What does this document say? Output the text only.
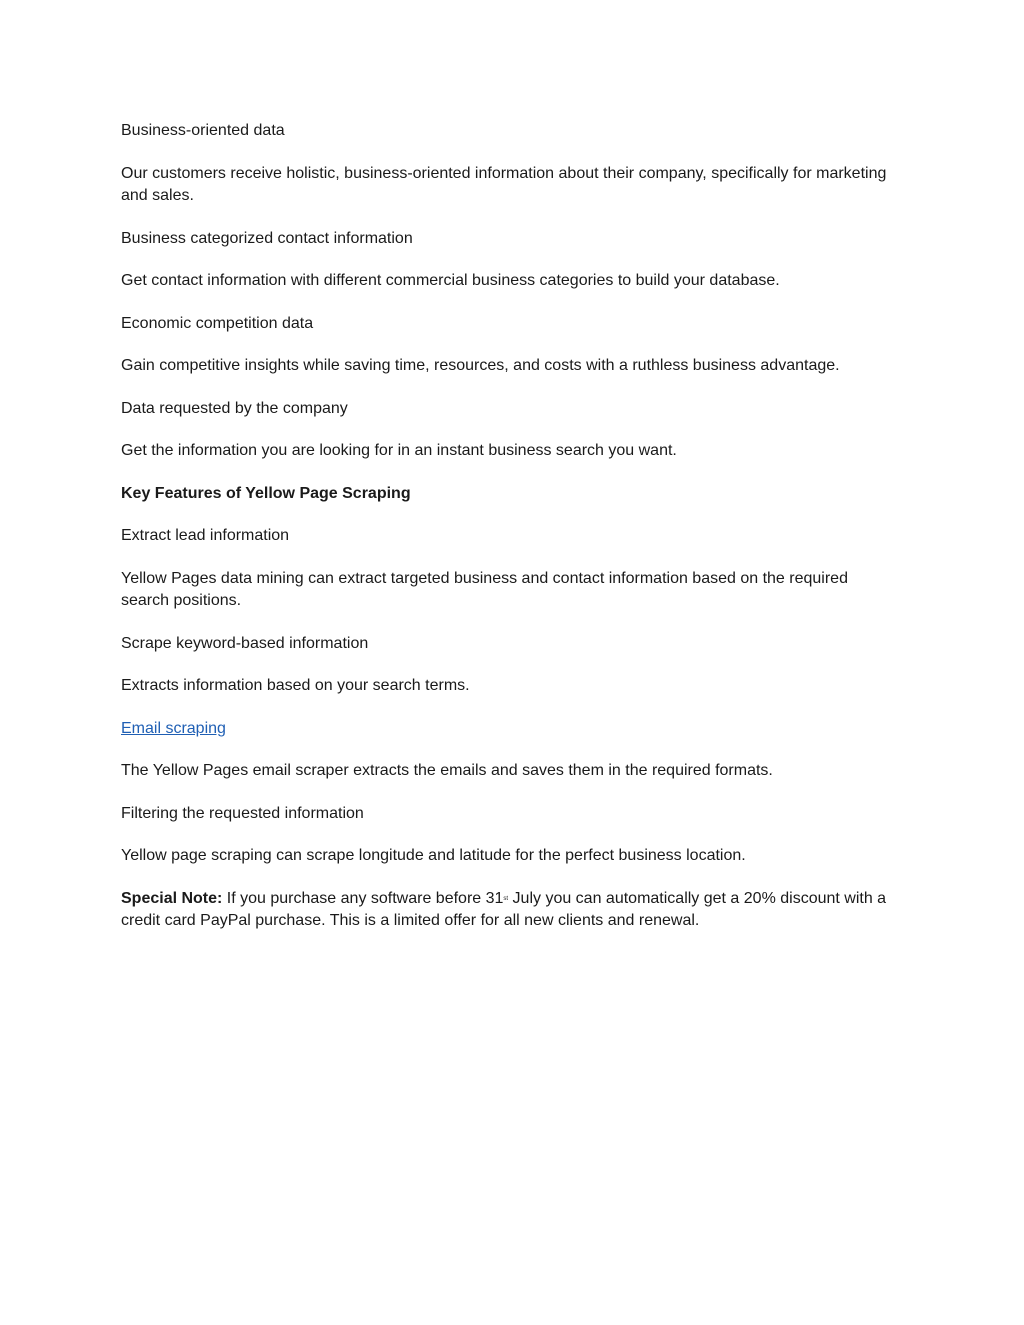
Business-oriented data

Our customers receive holistic, business-oriented information about their company, specifically for marketing and sales.

Business categorized contact information

Get contact information with different commercial business categories to build your database.

Economic competition data

Gain competitive insights while saving time, resources, and costs with a ruthless business advantage.

Data requested by the company

Get the information you are looking for in an instant business search you want.

Key Features of Yellow Page Scraping

Extract lead information

Yellow Pages data mining can extract targeted business and contact information based on the required search positions.

Scrape keyword-based information

Extracts information based on your search terms.

Email scraping

The Yellow Pages email scraper extracts the emails and saves them in the required formats.

Filtering the requested information

Yellow page scraping can scrape longitude and latitude for the perfect business location.

Special Note: If you purchase any software before 31st July you can automatically get a 20% discount with a credit card PayPal purchase. This is a limited offer for all new clients and renewal.
